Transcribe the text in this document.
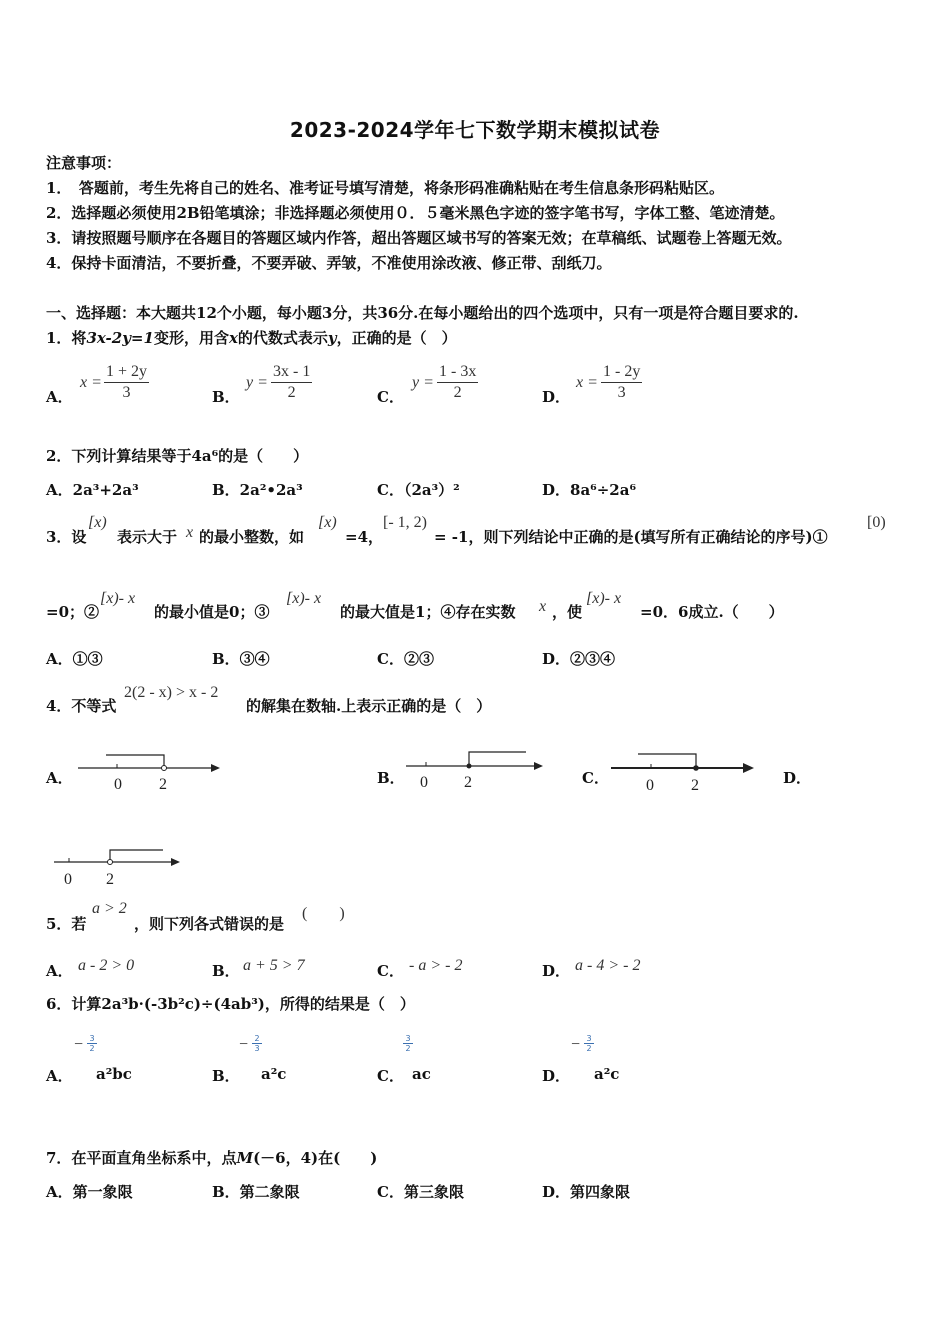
2023-2024学年七下数学期末模拟试卷
注意事项：
1．　答题前，考生先将自己的姓名、准考证号填写清楚，将条形码准确粘贴在考生信息条形码粘贴区。
2．选择题必须使用2B铅笔填涂；非选择题必须使用０．５毫米黑色字迹的签字笔书写，字体工整、笔迹清楚。
3．请按照题号顺序在各题目的答题区域内作答，超出答题区域书写的答案无效；在草稿纸、试题卷上答题无效。
4．保持卡面清洁，不要折叠，不要弄破、弄皱，不准使用涂改液、修正带、刮纸刀。
一、选择题：本大题共12个小题，每小题3分，共36分.在每小题给出的四个选项中，只有一项是符合题目要求的.
1．将3x-2y=1变形，用含x的代数式表示y，正确的是（　）
A．
$x = \frac{1 + 2y}{3}$	B．
$y = \frac{3x - 1}{2}$	C．
$y = \frac{1 - 3x}{2}$	D．
$x = \frac{1 - 2y}{3}$
2．下列计算结果等于4a⁶的是（　　）
A．2a³+2a³	B．2a²•2a³	C．（2a³）²	D．8a⁶÷2a⁶
3．设
[x)
表示大于 x 的最小整数，如
[x)
=4，
[- 1, 2)
= -1，则下列结论中正确的是(填写所有正确结论的序号)①
[0)
=0；②
[x)- x
的最小值是0；③
[x)- x
的最大值是1；④存在实数 x ，使
[x)- x
=0．6成立.（　　）
A．①③	B．③④	C．②③	D．②③④
4．不等式
2(2 - x) > x - 2
的解集在数轴.上表示正确的是（　）
A．	0 2	B． 0 2	C． 0 2	D．
0 2
5．若
a > 2
，则下列各式错误的是
(　　)
A． a - 2 > 0	B． a + 5 > 7	C． - a > - 2	D． a - 4 > - 2
6．计算2a³b·(-3b²c)÷(4ab³)，所得的结果是（　）
A．
− $\frac{3}{2}$
a²bc	B．
− $\frac{2}{3}$
a²c	C．
$\frac{3}{2}$
ac	D．
− $\frac{3}{2}$
a²c
7．在平面直角坐标系中，点M(－6，4)在(　　)
A．第一象限	B．第二象限	C．第三象限	D．第四象限
